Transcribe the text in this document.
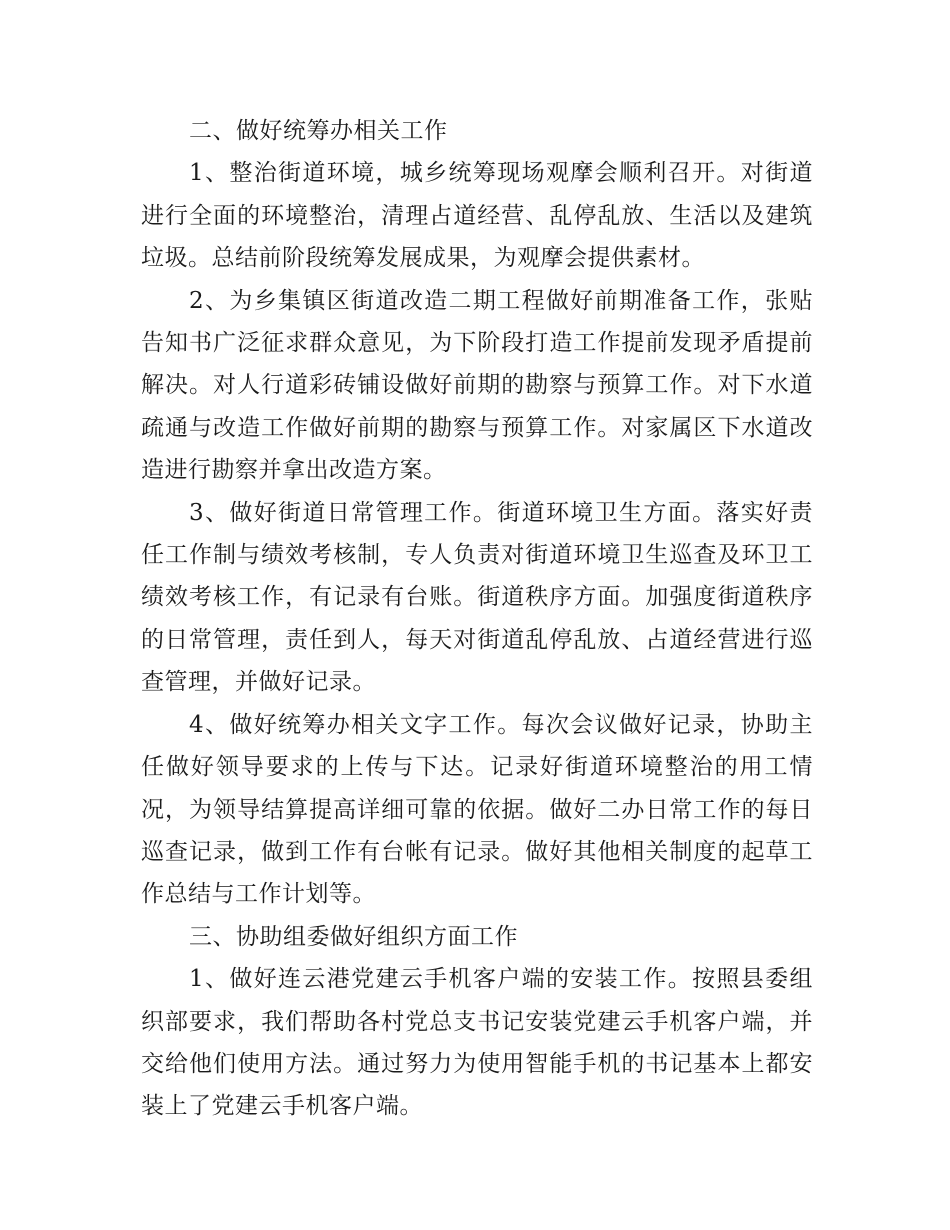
二、做好统筹办相关工作

1、整治街道环境，城乡统筹现场观摩会顺利召开。对街道进行全面的环境整治，清理占道经营、乱停乱放、生活以及建筑垃圾。总结前阶段统筹发展成果，为观摩会提供素材。

2、为乡集镇区街道改造二期工程做好前期准备工作，张贴告知书广泛征求群众意见，为下阶段打造工作提前发现矛盾提前解决。对人行道彩砖铺设做好前期的勘察与预算工作。对下水道疏通与改造工作做好前期的勘察与预算工作。对家属区下水道改造进行勘察并拿出改造方案。

3、做好街道日常管理工作。街道环境卫生方面。落实好责任工作制与绩效考核制，专人负责对街道环境卫生巡查及环卫工绩效考核工作，有记录有台账。街道秩序方面。加强度街道秩序的日常管理，责任到人，每天对街道乱停乱放、占道经营进行巡查管理，并做好记录。

4、做好统筹办相关文字工作。每次会议做好记录，协助主任做好领导要求的上传与下达。记录好街道环境整治的用工情况，为领导结算提高详细可靠的依据。做好二办日常工作的每日巡查记录，做到工作有台帐有记录。做好其他相关制度的起草工作总结与工作计划等。

三、协助组委做好组织方面工作

1、做好连云港党建云手机客户端的安装工作。按照县委组织部要求，我们帮助各村党总支书记安装党建云手机客户端，并交给他们使用方法。通过努力为使用智能手机的书记基本上都安装上了党建云手机客户端。
